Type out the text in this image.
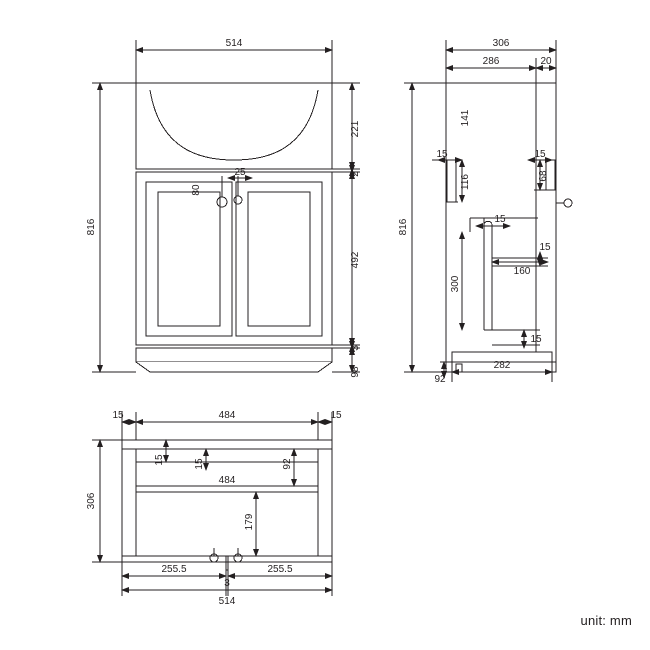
514
816
221
2
492
3
98
80
25
306
286	20
816
141
15
116
15
68
15
15
160
300
15
282
92
15	484	15
306
15	15	92
484
179
255.5
3
255.5
514
unit: mm
